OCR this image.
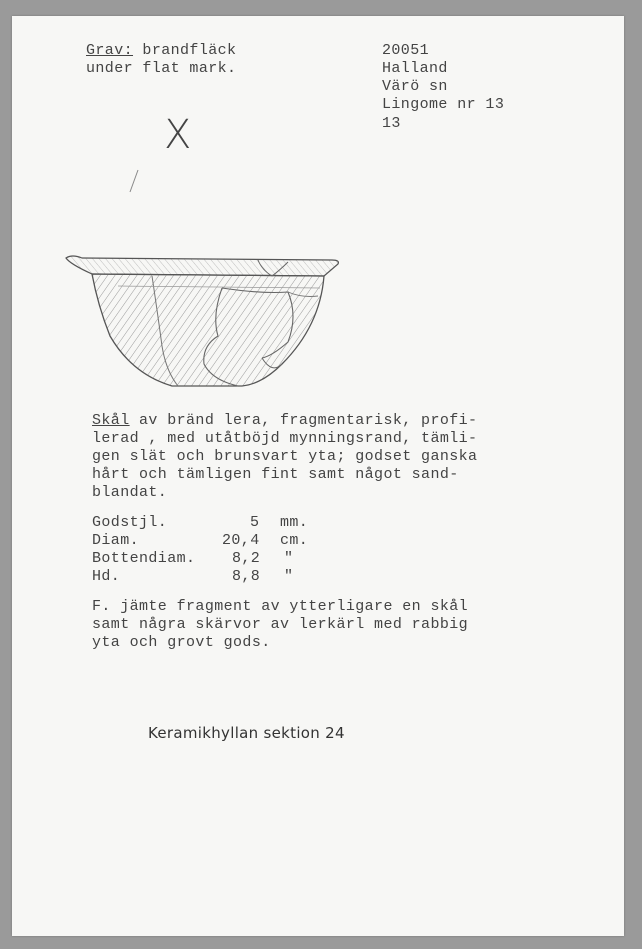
Grav: brandfläck
under flat mark.
20051
Halland
Värö sn
Lingome nr 13
13
X
Skål av bränd lera, fragmentarisk, profi-
lerad , med utåtböjd mynningsrand, tämli-
gen slät och brunsvart yta; godset ganska
hårt och tämligen fint samt något sand-
blandat.
Godstjl.	5 mm.
Diam.	20,4 cm.
Bottendiam. 8,2 "
Hd.	8,8 "
F. jämte fragment av ytterligare en skål
samt några skärvor av lerkärl med rabbig
yta och grovt gods.
Keramikhyllan sektion 24
